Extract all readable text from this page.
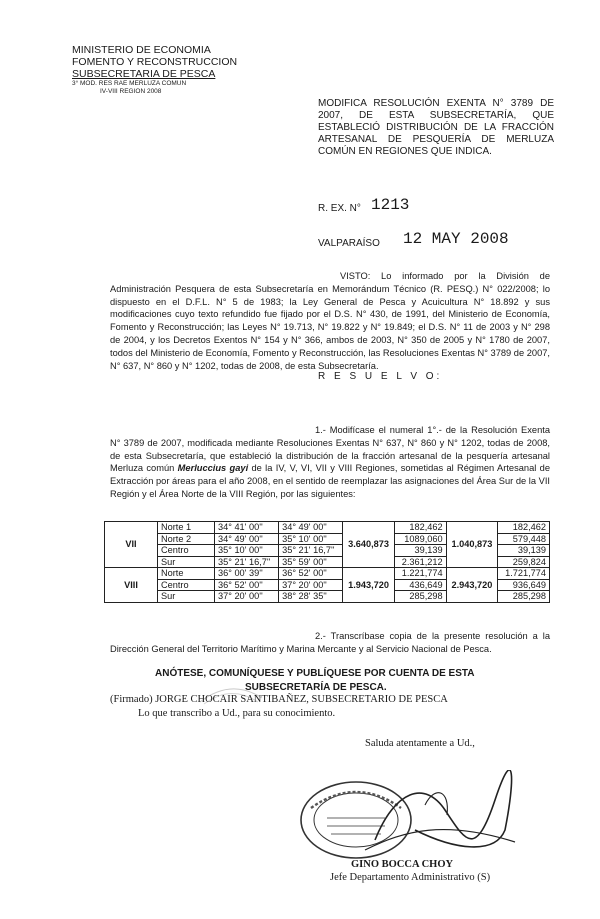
MINISTERIO DE ECONOMIA
FOMENTO Y RECONSTRUCCION
SUBSECRETARIA DE PESCA
3° MOD. RES RAE MERLUZA COMUN
IV-VIII REGION 2008
MODIFICA RESOLUCIÓN EXENTA N° 3789 DE 2007, DE ESTA SUBSECRETARÍA, QUE ESTABLECIÓ DISTRIBUCIÓN DE LA FRACCIÓN ARTESANAL DE PESQUERÍA DE MERLUZA COMÚN EN REGIONES QUE INDICA.
R. EX. N° 1213
VALPARAÍSO 12 MAY 2008
VISTO: Lo informado por la División de Administración Pesquera de esta Subsecretaría en Memorándum Técnico (R. PESQ.) N° 022/2008; lo dispuesto en el D.F.L. N° 5 de 1983; la Ley General de Pesca y Acuicultura N° 18.892 y sus modificaciones cuyo texto refundido fue fijado por el D.S. N° 430, de 1991, del Ministerio de Economía, Fomento y Reconstrucción; las Leyes N° 19.713, N° 19.822 y N° 19.849; el D.S. N° 11 de 2003 y N° 298 de 2004, y los Decretos Exentos N° 154 y N° 366, ambos de 2003, N° 350 de 2005 y N° 1780 de 2007, todos del Ministerio de Economía, Fomento y Reconstrucción, las Resoluciones Exentas N° 3789 de 2007, N° 637, N° 860 y N° 1202, todas de 2008, de esta Subsecretaría.
R E S U E L V O:
1.- Modifícase el numeral 1°.- de la Resolución Exenta N° 3789 de 2007, modificada mediante Resoluciones Exentas N° 637, N° 860 y N° 1202, todas de 2008, de esta Subsecretaría, que estableció la distribución de la fracción artesanal de la pesquería artesanal Merluza común Merluccius gayi de la IV, V, VI, VII y VIII Regiones, sometidas al Régimen Artesanal de Extracción por áreas para el año 2008, en el sentido de reemplazar las asignaciones del Área Sur de la VII Región y el Área Norte de la VIII Región, por las siguientes:
VII	Norte 1	34° 41' 00''	34° 49' 00''	3.640,873	182,462	1.040,873	182,462
	Norte 2	34° 49' 00''	35° 10' 00''		1089,060		579,448
	Centro	35° 10' 00''	35° 21' 16,7''		39,139		39,139
	Sur	35° 21' 16,7''	35° 59' 00''		2.361,212		259,824
VIII	Norte	36° 00' 39''	36° 52' 00''	1.943,720	1.221,774	2.943,720	1.721,774
	Centro	36° 52' 00''	37° 20' 00''		436,649		936,649
	Sur	37° 20' 00''	38° 28' 35''		285,298		285,298
2.- Transcríbase copia de la presente resolución a la Dirección General del Territorio Marítimo y Marina Mercante y al Servicio Nacional de Pesca.
ANÓTESE, COMUNÍQUESE Y PUBLÍQUESE POR CUENTA DE ESTA
SUBSECRETARÍA DE PESCA.
(Firmado) JORGE CHOCAIR SANTIBAÑEZ, SUBSECRETARIO DE PESCA
Lo que transcribo a Ud., para su conocimiento.
Saluda atentamente a Ud.,
GINO BOCCA CHOY
Jefe Departamento Administrativo (S)
